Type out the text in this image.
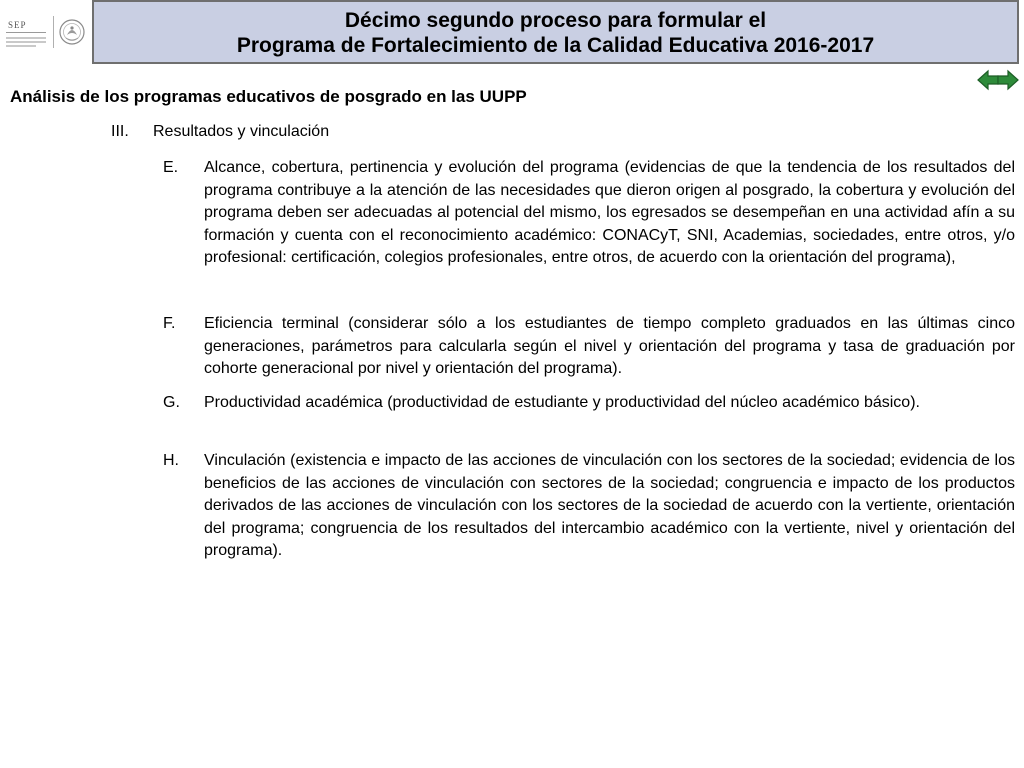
SEP	Décimo segundo proceso para formular el
Programa de Fortalecimiento de la Calidad Educativa 2016-2017
Análisis de los programas educativos de posgrado en las UUPP
III. Resultados y vinculación
E.	Alcance, cobertura, pertinencia y evolución del programa (evidencias de que la tendencia de los resultados del programa contribuye a la atención de las necesidades que dieron origen al posgrado, la cobertura y evolución del programa deben ser adecuadas al potencial del mismo, los egresados se desempeñan en una actividad afín a su formación y cuenta con el reconocimiento académico: CONACyT, SNI, Academias, sociedades, entre otros, y/o profesional: certificación, colegios profesionales, entre otros, de acuerdo con la orientación del programa),
F.	Eficiencia terminal (considerar sólo a los estudiantes de tiempo completo graduados en las últimas cinco generaciones, parámetros para calcularla según el nivel y orientación del programa y tasa de graduación por cohorte generacional por nivel y orientación del programa).
G.	Productividad académica (productividad de estudiante y productividad del núcleo académico básico).
H.	Vinculación (existencia e impacto de las acciones de vinculación con los sectores de la sociedad; evidencia de los beneficios de las acciones de vinculación con sectores de la sociedad; congruencia e impacto de los productos derivados de las acciones de vinculación con los sectores de la sociedad de acuerdo con la vertiente, orientación del programa; congruencia de los resultados del intercambio académico con la vertiente, nivel y orientación del programa).
